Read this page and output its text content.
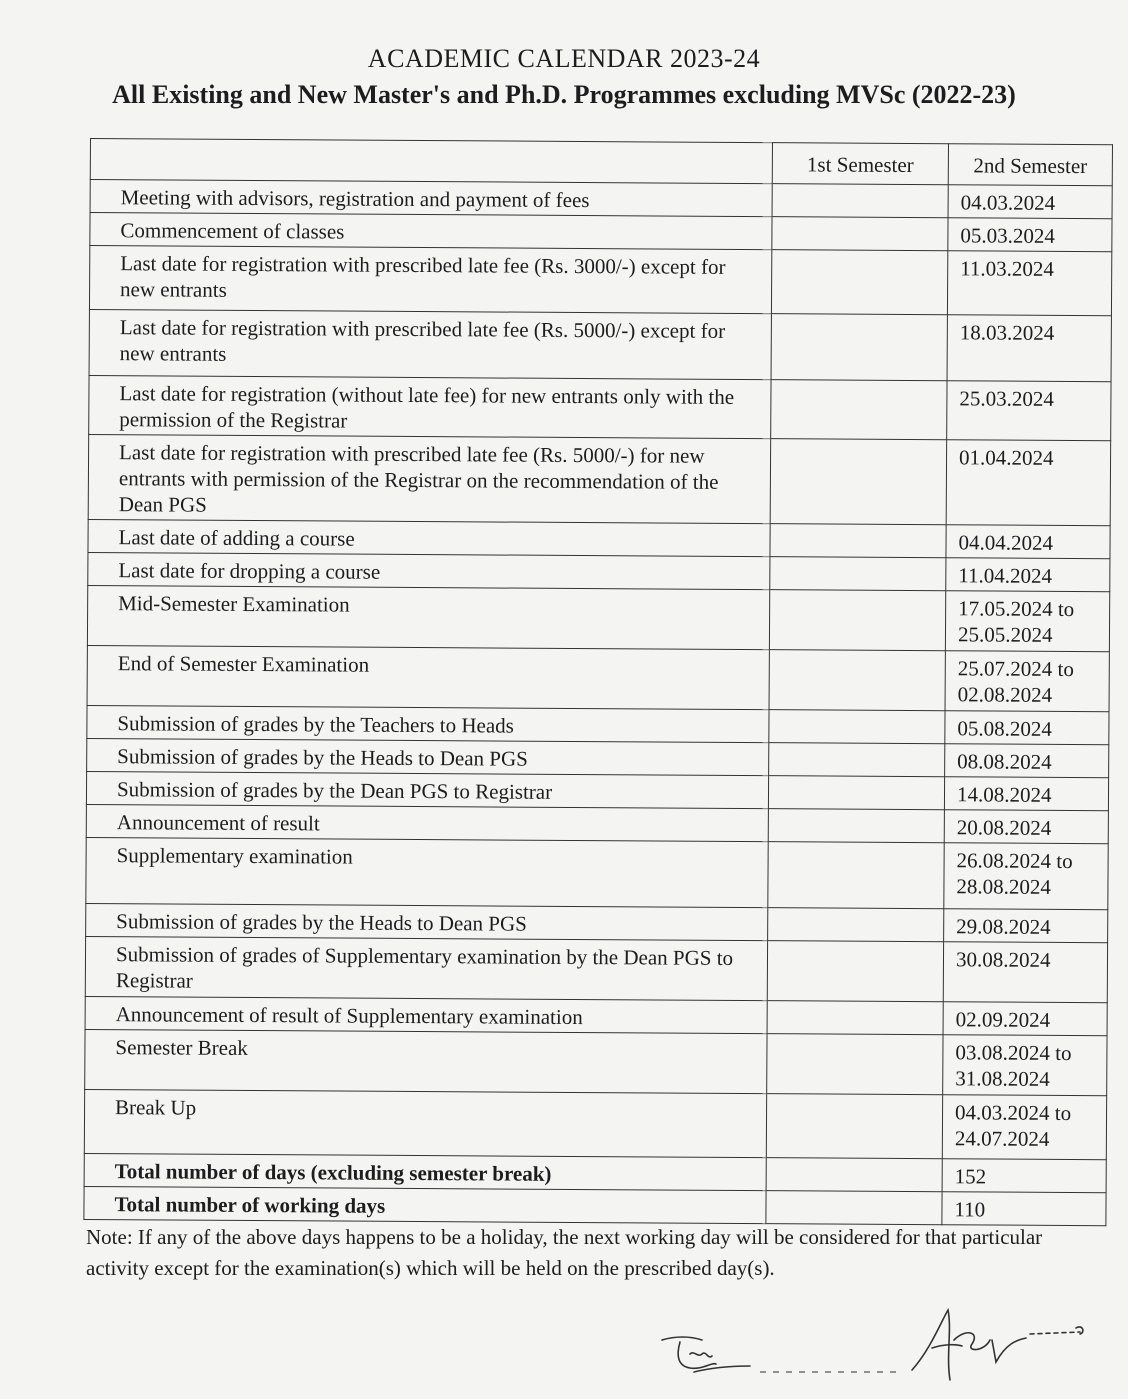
ACADEMIC CALENDAR 2023-24
All Existing and New Master's and Ph.D. Programmes excluding MVSc (2022-23)
	1st Semester	2nd Semester
Meeting with advisors, registration and payment of fees		04.03.2024
Commencement of classes		05.03.2024
Last date for registration with prescribed late fee (Rs. 3000/-) except for new entrants		11.03.2024
Last date for registration with prescribed late fee (Rs. 5000/-) except for new entrants		18.03.2024
Last date for registration (without late fee) for new entrants only with the permission of the Registrar		25.03.2024
Last date for registration with prescribed late fee (Rs. 5000/-) for new entrants with permission of the Registrar on the recommendation of the Dean PGS		01.04.2024
Last date of adding a course		04.04.2024
Last date for dropping a course		11.04.2024
Mid-Semester Examination		17.05.2024 to 25.05.2024
End of Semester Examination		25.07.2024 to 02.08.2024
Submission of grades by the Teachers to Heads		05.08.2024
Submission of grades by the Heads to Dean PGS		08.08.2024
Submission of grades by the Dean PGS to Registrar		14.08.2024
Announcement of result		20.08.2024
Supplementary examination		26.08.2024 to 28.08.2024
Submission of grades by the Heads to Dean PGS		29.08.2024
Submission of grades of Supplementary examination by the Dean PGS to Registrar		30.08.2024
Announcement of result of Supplementary examination		02.09.2024
Semester Break		03.08.2024 to 31.08.2024
Break Up		04.03.2024 to 24.07.2024
Total number of days (excluding semester break)		152
Total number of working days		110
Note: If any of the above days happens to be a holiday, the next working day will be considered for that particular activity except for the examination(s) which will be held on the prescribed day(s).
